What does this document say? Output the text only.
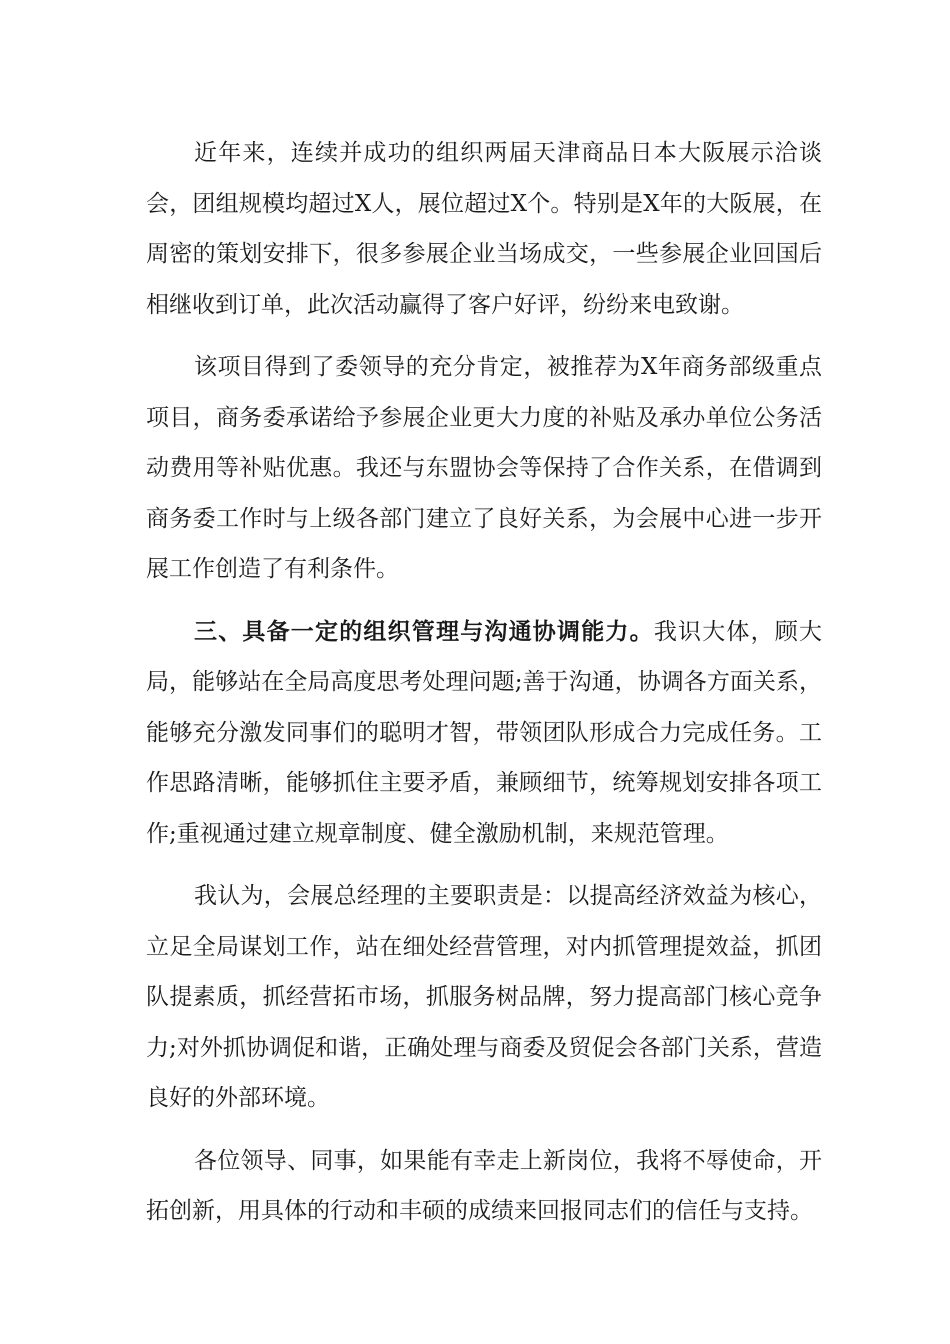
近年来，连续并成功的组织两届天津商品日本大阪展示洽谈会，团组规模均超过X人，展位超过X个。特别是X年的大阪展，在周密的策划安排下，很多参展企业当场成交，一些参展企业回国后相继收到订单，此次活动赢得了客户好评，纷纷来电致谢。

该项目得到了委领导的充分肯定，被推荐为X年商务部级重点项目，商务委承诺给予参展企业更大力度的补贴及承办单位公务活动费用等补贴优惠。我还与东盟协会等保持了合作关系，在借调到商务委工作时与上级各部门建立了良好关系，为会展中心进一步开展工作创造了有利条件。

三、具备一定的组织管理与沟通协调能力。我识大体，顾大局，能够站在全局高度思考处理问题;善于沟通，协调各方面关系，能够充分激发同事们的聪明才智，带领团队形成合力完成任务。工作思路清晰，能够抓住主要矛盾，兼顾细节，统筹规划安排各项工作;重视通过建立规章制度、健全激励机制，来规范管理。

我认为，会展总经理的主要职责是：以提高经济效益为核心，立足全局谋划工作，站在细处经营管理，对内抓管理提效益，抓团队提素质，抓经营拓市场，抓服务树品牌，努力提高部门核心竞争力;对外抓协调促和谐，正确处理与商委及贸促会各部门关系，营造良好的外部环境。

各位领导、同事，如果能有幸走上新岗位，我将不辱使命，开拓创新，用具体的行动和丰硕的成绩来回报同志们的信任与支持。
